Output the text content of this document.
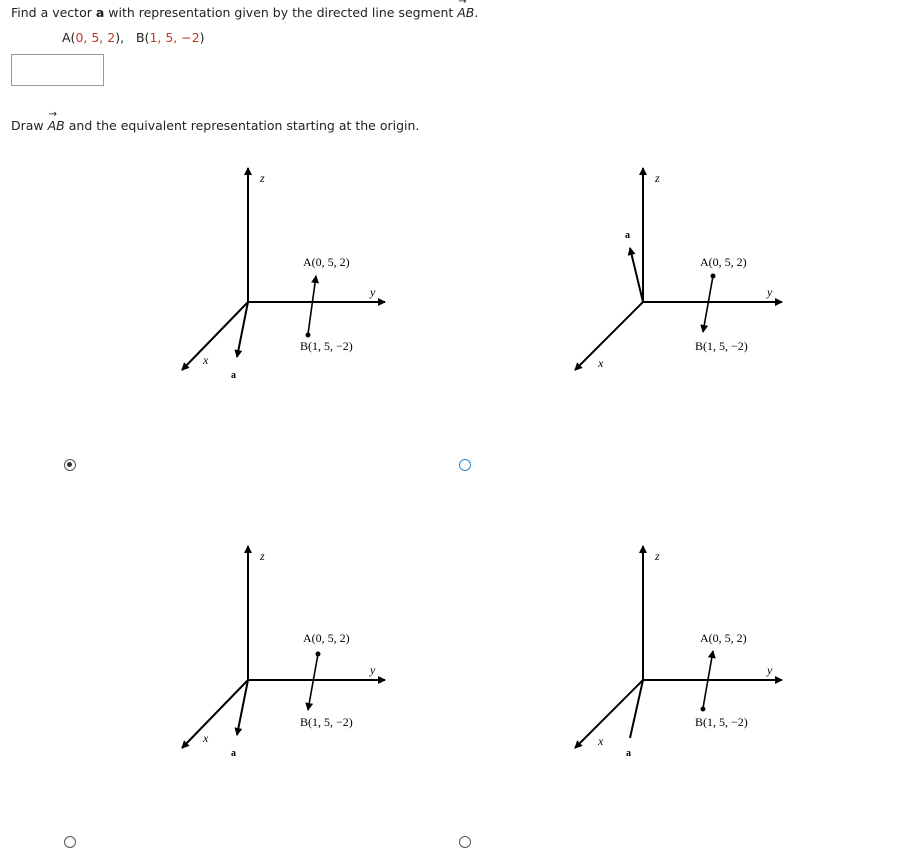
Find a vector a with representation given by the directed line segment → AB.
A(0, 5, 2), B(1, 5, −2)
Draw → AB and the equivalent representation starting at the origin.
z
y
x
a
A(0, 5, 2)
B(1, 5, −2)
z
y
x
a
A(0, 5, 2)
B(1, 5, −2)
z
y
x
a
A(0, 5, 2)
B(1, 5, −2)
z
y
x
a
A(0, 5, 2)
B(1, 5, −2)
